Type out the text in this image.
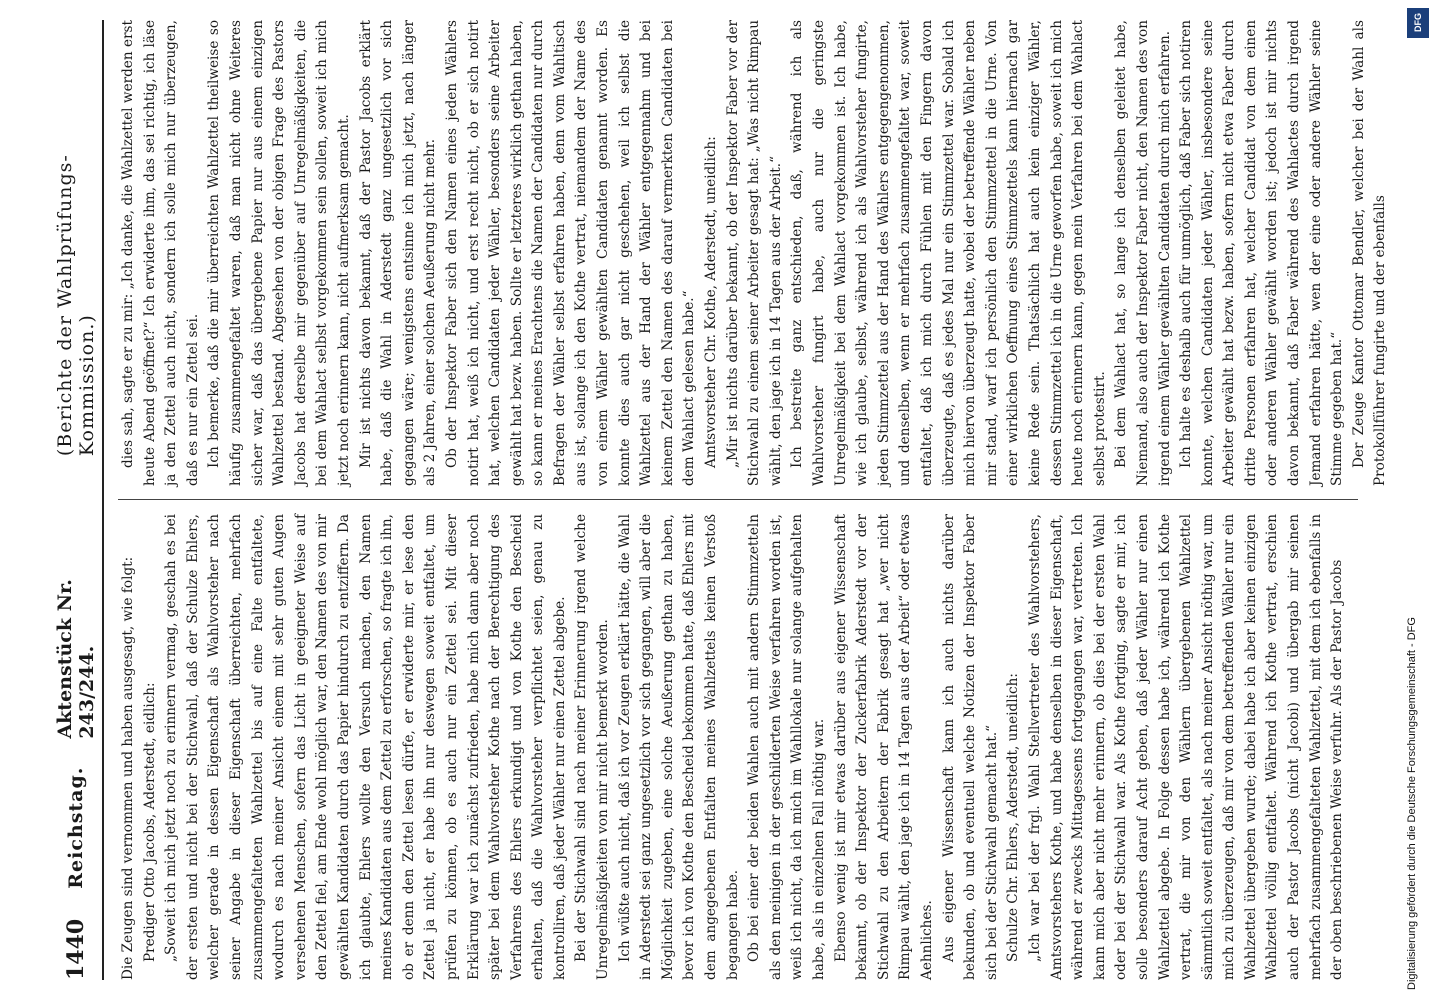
1440
Reichstag.
Aktenstück Nr. 243/244.
(Berichte der Wahlprüfungs-Kommission.)

Die Zeugen sind vernommen und haben ausgesagt, wie folgt: Prediger Otto Jacobs, Aderstedt, eidlich: „Soweit ich mich jetzt noch zu erinnern vermag, geschah es bei der ersten und nicht bei der Stichwahl, daß der Schulze Ehlers, welcher gerade in dessen Eigenschaft als Wahlvorsteher nach seiner Angabe in dieser Eigenschaft überreichten, mehrfach zusammengefalteten Wahlzettel bis auf eine Falte entfaltete, wodurch es nach meiner Ansicht einem mit sehr guten Augen versehenen Menschen, sofern das Licht in geeigneter Weise auf den Zettel fiel, am Ende wohl möglich war, den Namen des von mir gewählten Kandidaten durch das Papier hindurch zu entziffern. Da ich glaubte, Ehlers wollte den Versuch machen, den Namen meines Kandidaten aus dem Zettel zu erforschen, so fragte ich ihn, ob er denn den Zettel lesen dürfe, er erwiderte mir, er lese den Zettel ja nicht, er habe ihn nur deswegen soweit entfaltet, um prüfen zu können, ob es auch nur ein Zettel sei. Mit dieser Erklärung war ich zunächst zufrieden, habe mich dann aber noch später bei dem Wahlvorsteher Kothe nach der Berechtigung des Verfahrens des Ehlers erkundigt und von Kothe den Bescheid erhalten, daß die Wahlvorsteher verpflichtet seien, genau zu kontrolliren, daß jeder Wähler nur einen Zettel abgebe. Bei der Stichwahl sind nach meiner Erinnerung irgend welche Unregelmäßigkeiten von mir nicht bemerkt worden. Ich wüßte auch nicht, daß ich vor Zeugen erklärt hätte, die Wahl in Aderstedt sei ganz ungesetzlich vor sich gegangen, will aber die Möglichkeit zugeben, eine solche Aeußerung gethan zu haben, bevor ich von Kothe den Bescheid bekommen hatte, daß Ehlers mit dem angegebenen Entfalten meines Wahlzettels keinen Verstoß begangen habe. Ob bei einer der beiden Wahlen auch mit andern Stimmzetteln als den meinigen in der geschilderten Weise verfahren worden ist, weiß ich nicht, da ich mich im Wahllokale nur solange aufgehalten habe, als in einzelnen Fall nöthig war. Ebenso wenig ist mir etwas darüber aus eigener Wissenschaft bekannt, ob der Inspektor der Zuckerfabrik Aderstedt vor der Stichwahl zu den Arbeitern der Fabrik gesagt hat „wer nicht Rimpau wählt, den jage ich in 14 Tagen aus der Arbeit“ oder etwas Aehnliches. Aus eigener Wissenschaft kann ich auch nichts darüber bekunden, ob und eventuell welche Notizen der Inspektor Faber sich bei der Stichwahl gemacht hat.“ Schulze Chr. Ehlers, Aderstedt, uneidlich: „Ich war bei der frgl. Wahl Stellvertreter des Wahlvorstehers, Amtsvorstehers Kothe, und habe denselben in dieser Eigenschaft, während er zwecks Mittagessens fortgegangen war, vertreten. Ich kann mich aber nicht mehr erinnern, ob dies bei der ersten Wahl oder bei der Stichwahl war. Als Kothe fortging, sagte er mir, ich solle besonders darauf Acht geben, daß jeder Wähler nur einen Wahlzettel abgebe. In Folge dessen habe ich, während ich Kothe vertrat, die mir von den Wählern übergebenen Wahlzettel sämmtlich soweit entfaltet, als nach meiner Ansicht nöthig war, um mich zu überzeugen, daß mir von dem betreffenden Wähler nur ein Wahlzettel übergeben wurde; dabei habe ich aber keinen einzigen Wahlzettel völlig entfaltet. Während ich Kothe vertrat, erschien auch der Pastor Jacobs (nicht Jacobi) und übergab mir seinen mehrfach zusammengefalteten Wahlzettel, mit dem ich ebenfalls in der oben beschriebenen Weise verfuhr. Als der Pastor Jacobs

dies sah, sagte er zu mir: „Ich danke, die Wahlzettel werden erst heute Abend geöffnet?“ Ich erwiderte ihm, das sei richtig, ich läse ja den Zettel auch nicht, sondern ich solle mich nur überzeugen, daß es nur ein Zettel sei. Ich bemerke, daß die mir überreichten Wahlzettel theilweise so häufig zusammengefaltet waren, daß man nicht ohne Weiteres sicher war, daß das übergebene Papier nur aus einem einzigen Wahlzettel bestand. Abgesehen von der obigen Frage des Pastors Jacobs hat derselbe mir gegenüber auf Unregelmäßigkeiten, die bei dem Wahlact selbst vorgekommen sein sollen, soweit ich mich jetzt noch erinnern kann, nicht aufmerksam gemacht. Mir ist nichts davon bekannt, daß der Pastor Jacobs erklärt habe, daß die Wahl in Aderstedt ganz ungesetzlich vor sich gegangen wäre; wenigstens entsinne ich mich jetzt, nach länger als 2 Jahren, einer solchen Aeußerung nicht mehr. Ob der Inspektor Faber sich den Namen eines jeden Wählers notirt hat, weiß ich nicht, und erst recht nicht, ob er sich notirt hat, welchen Candidaten jeder Wähler, besonders seine Arbeiter gewählt hat bezw. haben. Sollte er letzteres wirklich gethan haben, so kann er meines Erachtens die Namen der Candidaten nur durch Befragen der Wähler selbst erfahren haben, denn vom Wahltisch aus ist, solange ich den Kothe vertrat, niemandem der Name des von einem Wähler gewählten Candidaten genannt worden. Es konnte dies auch gar nicht geschehen, weil ich selbst die Wahlzettel aus der Hand der Wähler entgegennahm und bei keinem Zettel den Namen des darauf vermerkten Candidaten bei dem Wahlact gelesen habe.“ Amtsvorsteher Chr. Kothe, Aderstedt, uneidlich: „Mir ist nichts darüber bekannt, ob der Inspektor Faber vor der Stichwahl zu einem seiner Arbeiter gesagt hat: „Was nicht Rimpau wählt, den jage ich in 14 Tagen aus der Arbeit.“ Ich bestreite ganz entschieden, daß, während ich als Wahlvorsteher fungirt habe, auch nur die geringste Unregelmäßigkeit bei dem Wahlact vorgekommen ist. Ich habe, wie ich glaube, selbst, während ich als Wahlvorsteher fungirte, jeden Stimmzettel aus der Hand des Wählers entgegengenommen, und denselben, wenn er mehrfach zusammengefaltet war, soweit entfaltet, daß ich mich durch Fühlen mit den Fingern davon überzeugte, daß es jedes Mal nur ein Stimmzettel war. Sobald ich mich hiervon überzeugt hatte, wobei der betreffende Wähler neben mir stand, warf ich persönlich den Stimmzettel in die Urne. Von einer wirklichen Oeffnung eines Stimmzettels kann hiernach gar keine Rede sein. Thatsächlich hat auch kein einziger Wähler, dessen Stimmzettel ich in die Urne geworfen habe, soweit ich mich heute noch erinnern kann, gegen mein Verfahren bei dem Wahlact selbst protestirt. Bei dem Wahlact hat, so lange ich denselben geleitet habe, Niemand, also auch der Inspektor Faber nicht, den Namen des von irgend einem Wähler gewählten Candidaten durch mich erfahren. Ich halte es deshalb auch für unmöglich, daß Faber sich notiren konnte, welchen Candidaten jeder Wähler, insbesondere seine Arbeiter gewählt hat bezw. haben, sofern nicht etwa Faber durch dritte Personen erfahren hat, welcher Candidat von dem einen oder anderen Wähler gewählt worden ist; jedoch ist mir nichts davon bekannt, daß Faber während des Wahlactes durch irgend Jemand erfahren hätte, wen der eine oder andere Wähler seine Stimme gegeben hat.“ Der Zeuge Kantor Ottomar Bendler, welcher bei der Wahl als Protokollführer fungirte und der ebenfalls

DFG
Digitalisierung gefördert durch die Deutsche Forschungsgemeinschaft - DFG
